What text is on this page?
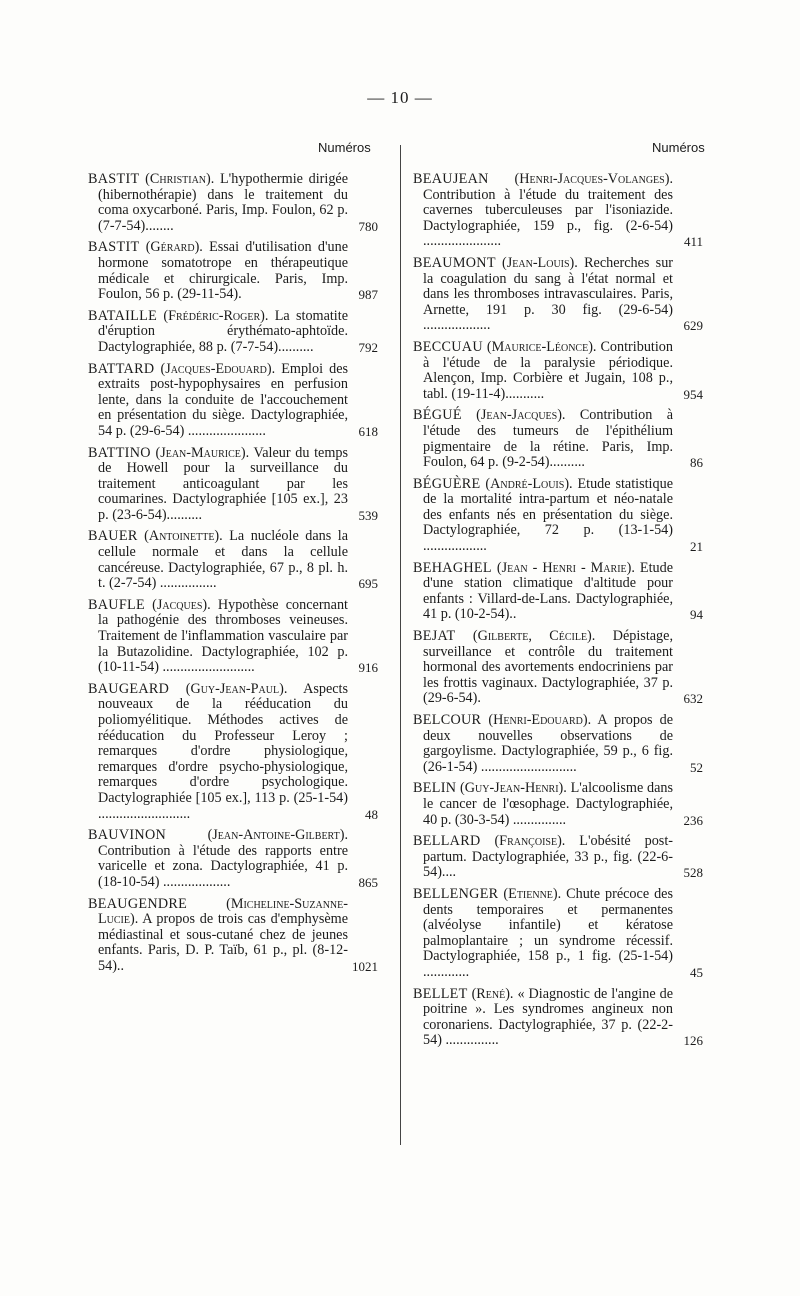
— 10 —
Numéros	Numéros
BASTIT (Christian). L'hypothermie dirigée (hibernothérapie) dans le traitement du coma oxycarboné. Paris, Imp. Foulon, 62 p. (7-7-54)........	780
BASTIT (Gérard). Essai d'utilisation d'une hormone somatotrope en thérapeutique médicale et chirurgicale. Paris, Imp. Foulon, 56 p. (29-11-54).	987
BATAILLE (Frédéric-Roger). La stomatite d'éruption érythémato-aphtoïde. Dactylographiée, 88 p. (7-7-54)..........	792
BATTARD (Jacques-Edouard). Emploi des extraits post-hypophysaires en perfusion lente, dans la conduite de l'accouchement en présentation du siège. Dactylographiée, 54 p. (29-6-54) ......................	618
BATTINO (Jean-Maurice). Valeur du temps de Howell pour la surveillance du traitement anticoagulant par les coumarines. Dactylographiée [105 ex.], 23 p. (23-6-54)..........	539
BAUER (Antoinette). La nucléole dans la cellule normale et dans la cellule cancéreuse. Dactylographiée, 67 p., 8 pl. h. t. (2-7-54) ................	695
BAUFLE (Jacques). Hypothèse concernant la pathogénie des thromboses veineuses. Traitement de l'inflammation vasculaire par la Butazolidine. Dactylographiée, 102 p. (10-11-54) ..........................	916
BAUGEARD (Guy-Jean-Paul). Aspects nouveaux de la rééducation du poliomyélitique. Méthodes actives de rééducation du Professeur Leroy ; remarques d'ordre physiologique, remarques d'ordre psycho-physiologique, remarques d'ordre psychologique. Dactylographiée [105 ex.], 113 p. (25-1-54) ..........................	48
BAUVINON	(Jean-Antoine-Gilbert). Contribution à l'étude des rapports entre varicelle et zona. Dactylographiée, 41 p. (18-10-54) ...................	865
BEAUGENDRE	(Micheline-Suzanne-Lucie). A propos de trois cas d'emphysème médiastinal et sous-cutané chez de jeunes enfants. Paris, D. P. Taïb, 61 p., pl. (8-12-54)..	1021
BEAUJEAN (Henri-Jacques-Volanges). Contribution à l'étude du traitement des cavernes tuberculeuses par l'isoniazide. Dactylographiée, 159 p., fig. (2-6-54) ......................	411
BEAUMONT (Jean-Louis). Recherches sur la coagulation du sang à l'état normal et dans les thromboses intravasculaires. Paris, Arnette, 191 p. 30 fig. (29-6-54) ...................	629
BECCUAU (Maurice-Léonce). Contribution à l'étude de la paralysie périodique. Alençon, Imp. Corbière et Jugain, 108 p., tabl. (19-11-4)...........	954
BÉGUÉ (Jean-Jacques). Contribution à l'étude des tumeurs de l'épithélium pigmentaire de la rétine. Paris, Imp. Foulon, 64 p. (9-2-54)..........	86
BÉGUÈRE (André-Louis). Etude statistique de la mortalité intra-partum et néo-natale des enfants nés en présentation du siège. Dactylographiée, 72 p. (13-1-54) ..................	21
BEHAGHEL (Jean - Henri - Marie). Etude d'une station climatique d'altitude pour enfants : Villard-de-Lans. Dactylographiée, 41 p. (10-2-54)..	94
BEJAT (Gilberte, Cécile). Dépistage, surveillance et contrôle du traitement hormonal des avortements endocriniens par les frottis vaginaux. Dactylographiée, 37 p. (29-6-54).	632
BELCOUR (Henri-Edouard). A propos de deux nouvelles observations de gargoylisme. Dactylographiée, 59 p., 6 fig. (26-1-54) ...........................	52
BELIN (Guy-Jean-Henri). L'alcoolisme dans le cancer de l'œsophage. Dactylographiée, 40 p. (30-3-54) ...............	236
BELLARD (Françoise). L'obésité post-partum. Dactylographiée, 33 p., fig. (22-6-54)....	528
BELLENGER (Etienne). Chute précoce des dents temporaires et permanentes (alvéolyse infantile) et kératose palmoplantaire ; un syndrome récessif. Dactylographiée, 158 p., 1 fig. (25-1-54) .............	45
BELLET (René). « Diagnostic de l'angine de poitrine ». Les syndromes angineux non coronariens. Dactylographiée, 37 p. (22-2-54) ...............	126
